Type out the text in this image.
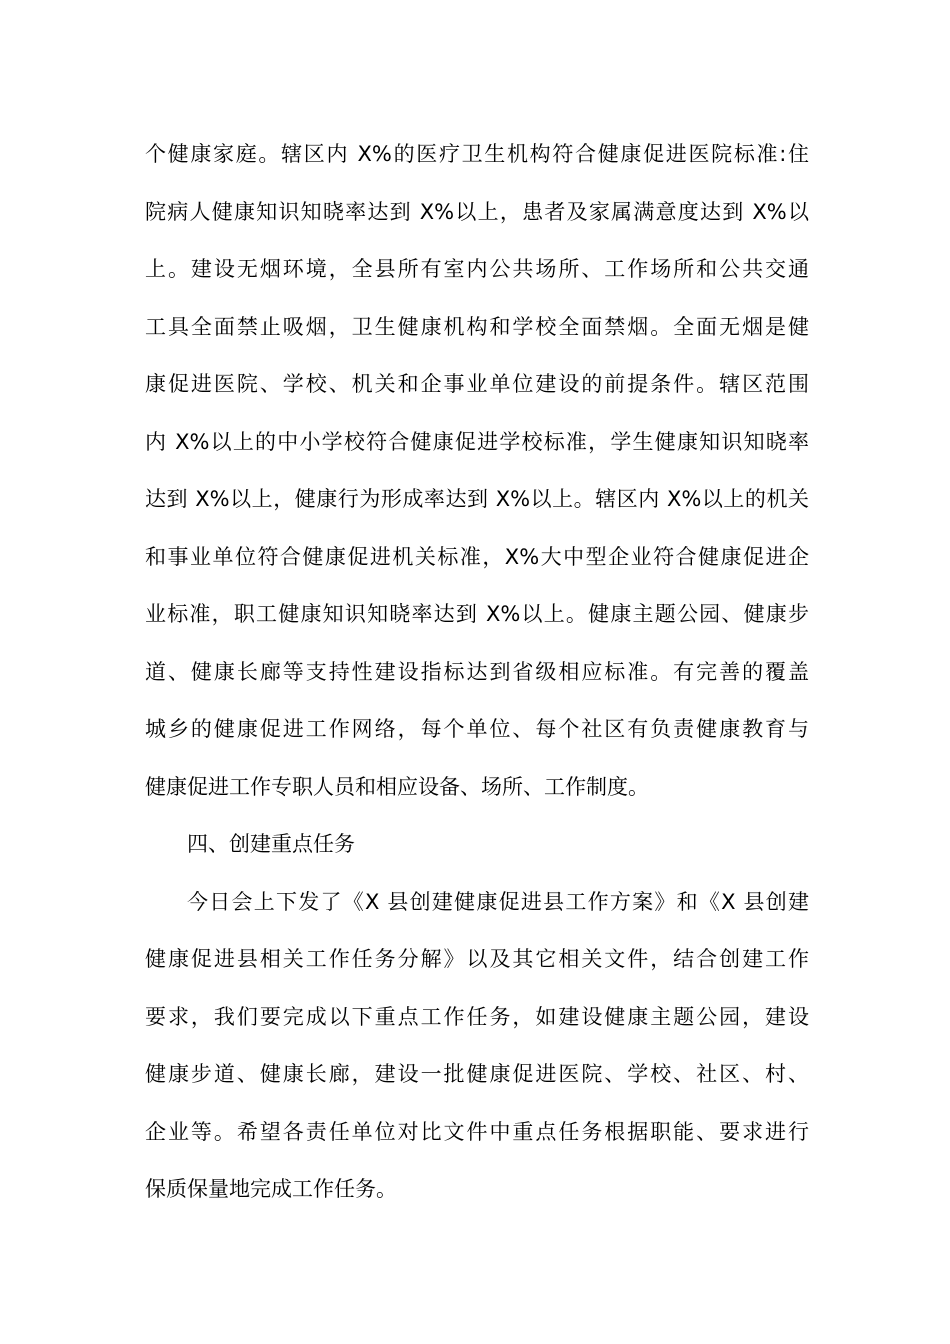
个健康家庭。辖区内 X%的医疗卫生机构符合健康促进医院标准:住
院病人健康知识知晓率达到 X%以上，患者及家属满意度达到 X%以
上。建设无烟环境，全县所有室内公共场所、工作场所和公共交通
工具全面禁止吸烟，卫生健康机构和学校全面禁烟。全面无烟是健
康促进医院、学校、机关和企事业单位建设的前提条件。辖区范围
内 X%以上的中小学校符合健康促进学校标准，学生健康知识知晓率
达到 X%以上，健康行为形成率达到 X%以上。辖区内 X%以上的机关
和事业单位符合健康促进机关标准，X%大中型企业符合健康促进企
业标准，职工健康知识知晓率达到 X%以上。健康主题公园、健康步
道、健康长廊等支持性建设指标达到省级相应标准。有完善的覆盖
城乡的健康促进工作网络，每个单位、每个社区有负责健康教育与
健康促进工作专职人员和相应设备、场所、工作制度。
四、创建重点任务
今日会上下发了《X 县创建健康促进县工作方案》和《X 县创建
健康促进县相关工作任务分解》以及其它相关文件，结合创建工作
要求，我们要完成以下重点工作任务，如建设健康主题公园，建设
健康步道、健康长廊，建设一批健康促进医院、学校、社区、村、
企业等。希望各责任单位对比文件中重点任务根据职能、要求进行
保质保量地完成工作任务。
